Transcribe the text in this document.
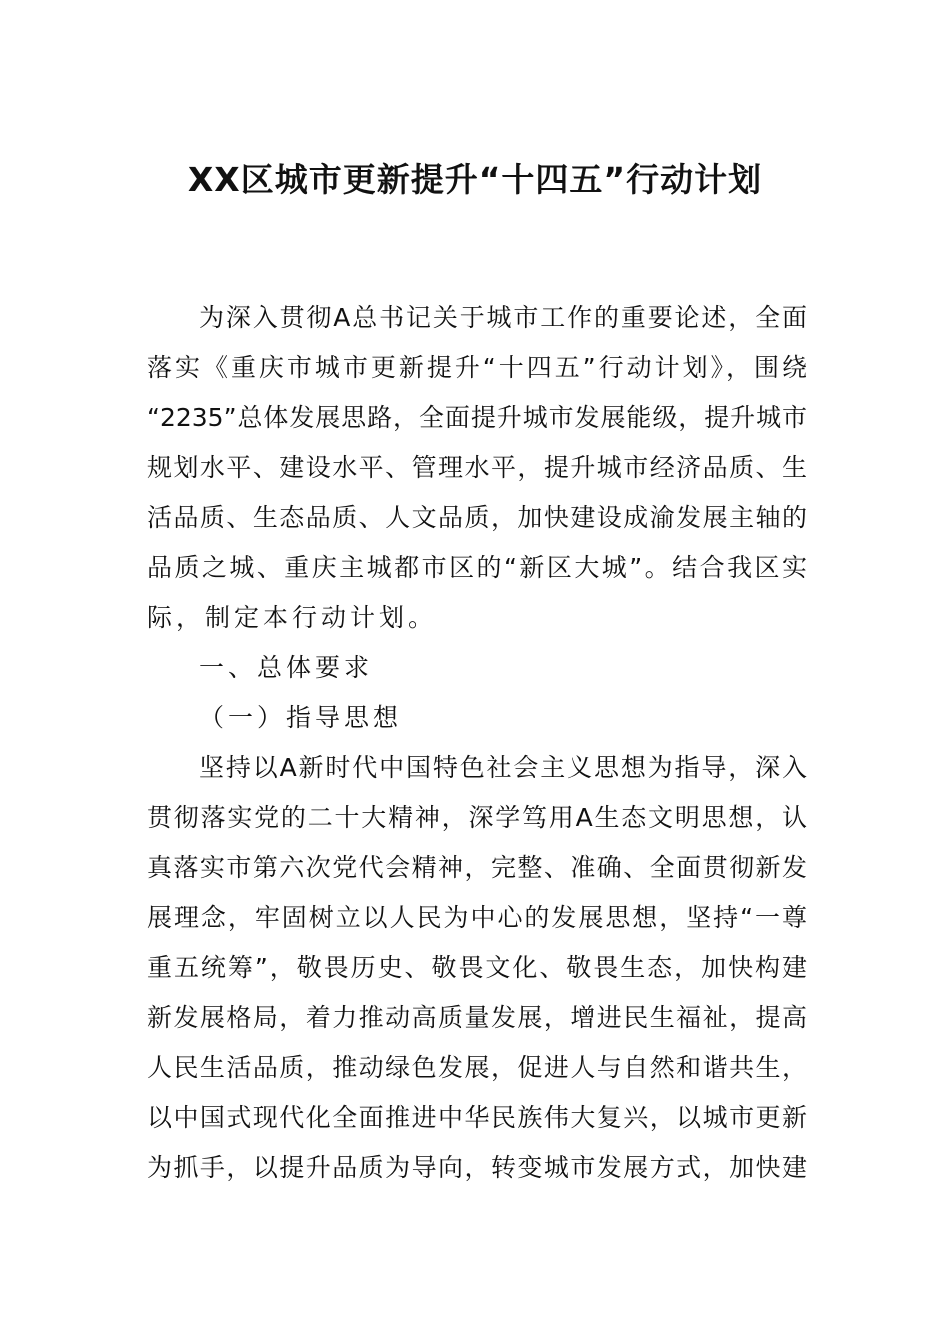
XX区城市更新提升“十四五”行动计划
为深入贯彻A总书记关于城市工作的重要论述，全面
落实《重庆市城市更新提升“十四五”行动计划》，围绕
“2235”总体发展思路，全面提升城市发展能级，提升城市
规划水平、建设水平、管理水平，提升城市经济品质、生
活品质、生态品质、人文品质，加快建设成渝发展主轴的
品质之城、重庆主城都市区的“新区大城”。结合我区实
际，制定本行动计划。
一、总体要求
（一）指导思想
坚持以A新时代中国特色社会主义思想为指导，深入
贯彻落实党的二十大精神，深学笃用A生态文明思想，认
真落实市第六次党代会精神，完整、准确、全面贯彻新发
展理念，牢固树立以人民为中心的发展思想，坚持“一尊
重五统筹”，敬畏历史、敬畏文化、敬畏生态，加快构建
新发展格局，着力推动高质量发展，增进民生福祉，提高
人民生活品质，推动绿色发展，促进人与自然和谐共生，
以中国式现代化全面推进中华民族伟大复兴，以城市更新
为抓手，以提升品质为导向，转变城市发展方式，加快建
